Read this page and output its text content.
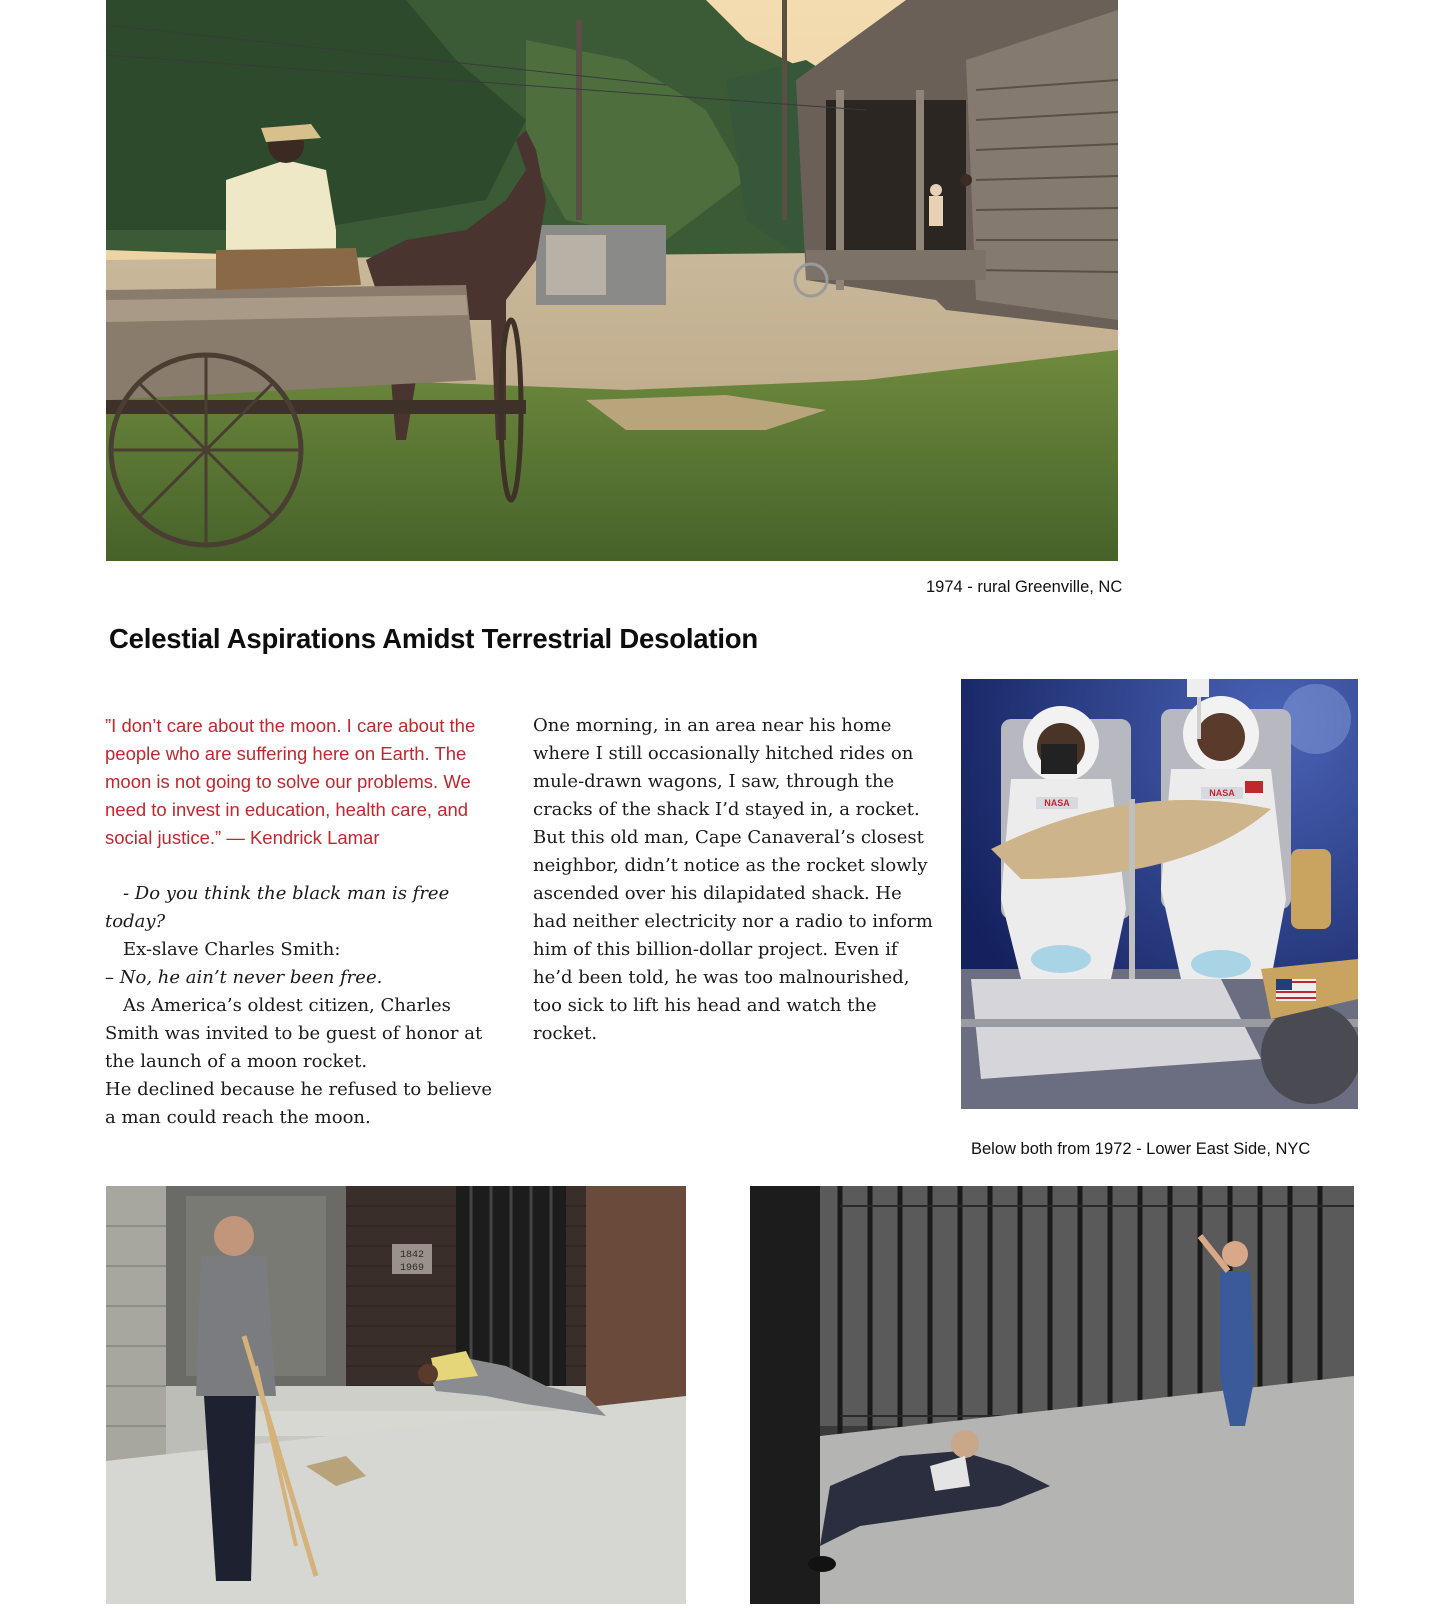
1974 - rural Greenville, NC
Celestial Aspirations Amidst Terrestrial Desolation

”I don’t care about the moon. I care about the people who are suffering here on Earth. The moon is not going to solve our problems. We need to invest in education, health care, and social justice.” — Kendrick Lamar

- Do you think the black man is free today?

Ex-slave Charles Smith:

– No, he ain’t never been free.

As America’s oldest citizen, Charles Smith was invited to be guest of honor at the launch of a moon rocket.

He declined because he refused to believe a man could reach the moon.

One morning, in an area near his home where I still occasionally hitched rides on mule-drawn wagons, I saw, through the cracks of the shack I’d stayed in, a rocket. But this old man, Cape Canaveral’s closest neighbor, didn’t notice as the rocket slowly ascended over his dilapidated shack. He had neither electricity nor a radio to inform him of this billion-dollar project. Even if he’d been told, he was too malnourished, too sick to lift his head and watch the rocket.

NASA
NASA
Below both from 1972 - Lower East Side, NYC
1842
1969
